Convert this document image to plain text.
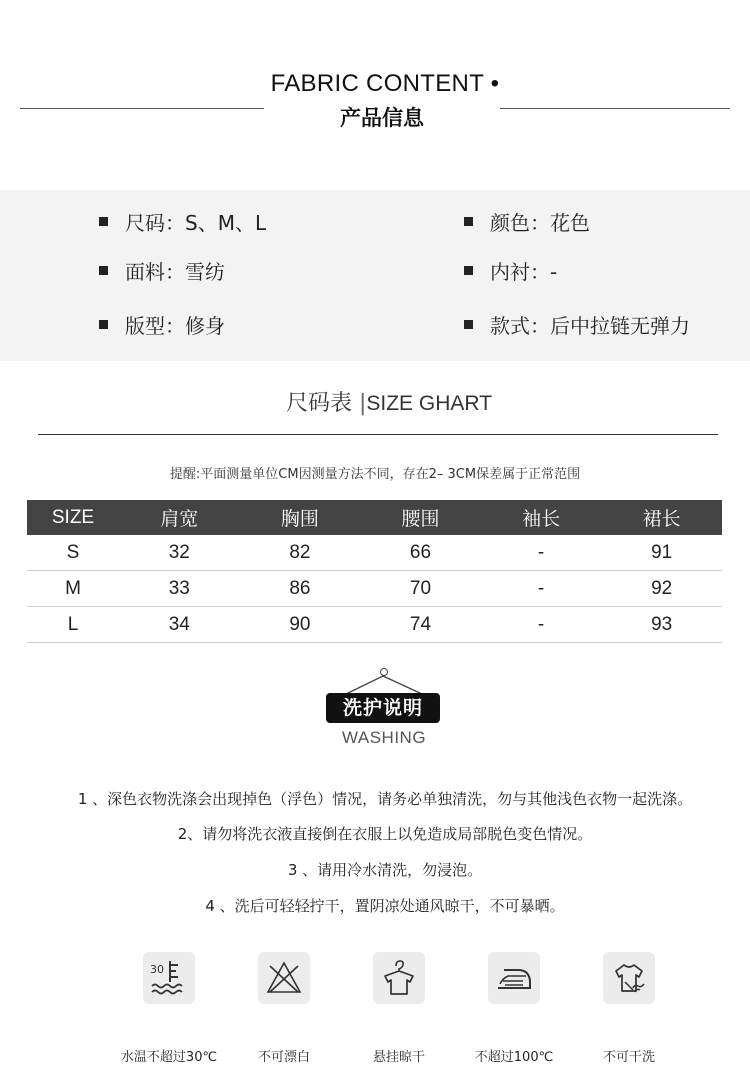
FABRIC CONTENT •
产品信息
尺码：S、M、L	颜色：花色
面料：雪纺	内衬：-
版型：修身	款式：后中拉链无弹力
尺码表 |SIZE GHART
提醒:平面测量单位CM因测量方法不同，存在2– 3CM保差属于正常范围
SIZE	肩宽	胸围	腰围	袖长	裙长
S	32	82	66	-	91
M	33	86	70	-	92
L	34	90	74	-	93
洗护说明
WASHING
1 、深色衣物洗涤会出现掉色（浮色）情况，请务必单独清洗，勿与其他浅色衣物一起洗涤。
2、请勿将洗衣液直接倒在衣服上以免造成局部脱色变色情况。
3 、请用冷水清洗，勿浸泡。
4 、洗后可轻轻拧干，置阴凉处通风晾干，不可暴晒。
30
水温不超过30℃	不可漂白	悬挂晾干	不超过100℃	不可干洗
